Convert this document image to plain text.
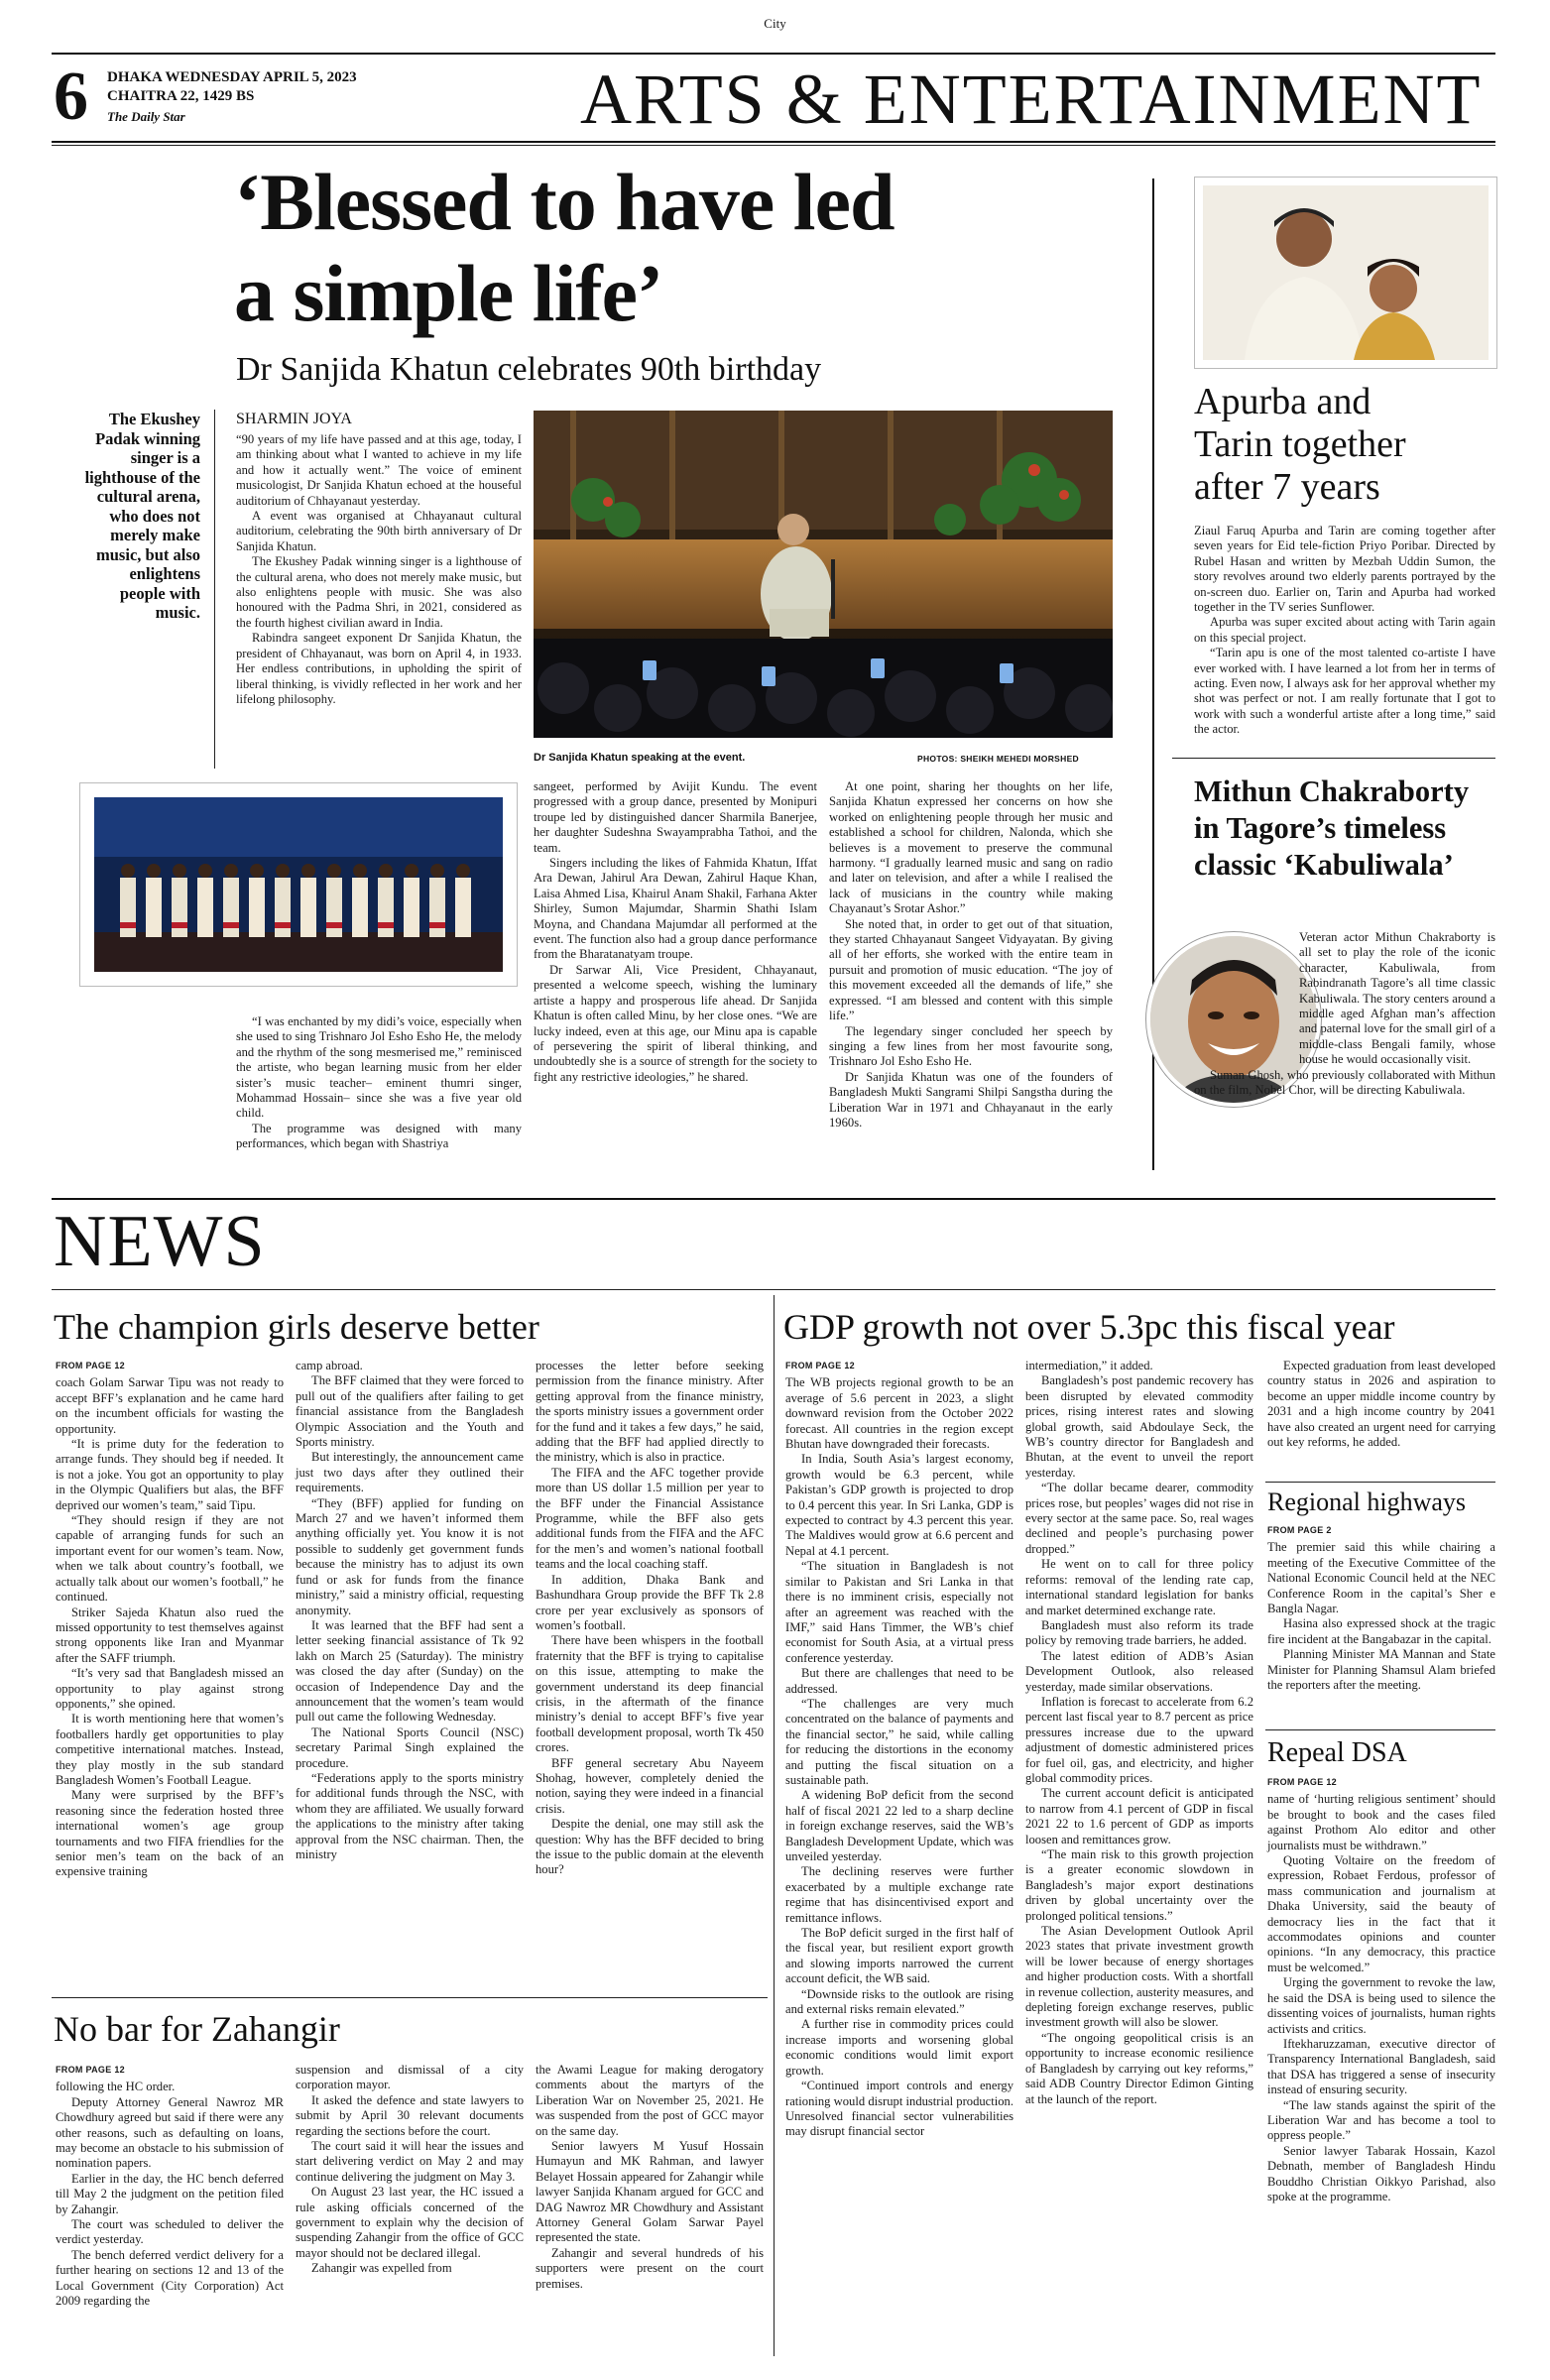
City
6 DHAKA WEDNESDAY APRIL 5, 2023
CHAITRA 22, 1429 BS
The Daily Star	ARTS & ENTERTAINMENT
‘Blessed to have led
a simple life’
Dr Sanjida Khatun celebrates 90th birthday
The Ekushey Padak winning singer is a lighthouse of the cultural arena, who does not merely make music, but also enlightens people with music.
SHARMIN JOYA

“90 years of my life have passed and at this age, today, I am thinking about what I wanted to achieve in my life and how it actually went.” The voice of eminent musicologist, Dr Sanjida Khatun echoed at the houseful auditorium of Chhayanaut yesterday.

A event was organised at Chhayanaut cultural auditorium, celebrating the 90th birth anniversary of Dr Sanjida Khatun.

The Ekushey Padak winning singer is a lighthouse of the cultural arena, who does not merely make music, but also enlightens people with music. She was also honoured with the Padma Shri, in 2021, considered as the fourth highest civilian award in India.

Rabindra sangeet exponent Dr Sanjida Khatun, the president of Chhayanaut, was born on April 4, in 1933. Her endless contributions, in upholding the spirit of liberal thinking, is vividly reflected in her work and her lifelong philosophy.

Dr Sanjida Khatun speaking at the event.	PHOTOS: SHEIKH MEHEDI MORSHED

“I was enchanted by my didi’s voice, especially when she used to sing Trishnaro Jol Esho Esho He, the melody and the rhythm of the song mesmerised me,” reminisced the artiste, who began learning music from her elder sister’s music teacher– eminent thumri singer, Mohammad Hossain– since she was a five year old child.

The programme was designed with many performances, which began with Shastriya

sangeet, performed by Avijit Kundu. The event progressed with a group dance, presented by Monipuri troupe led by distinguished dancer Sharmila Banerjee, her daughter Sudeshna Swayamprabha Tathoi, and the team.

Singers including the likes of Fahmida Khatun, Iffat Ara Dewan, Jahirul Ara Dewan, Zahirul Haque Khan, Laisa Ahmed Lisa, Khairul Anam Shakil, Farhana Akter Shirley, Sumon Majumdar, Sharmin Shathi Islam Moyna, and Chandana Majumdar all performed at the event. The function also had a group dance performance from the Bharatanatyam troupe.

Dr Sarwar Ali, Vice President, Chhayanaut, presented a welcome speech, wishing the luminary artiste a happy and prosperous life ahead. Dr Sanjida Khatun is often called Minu, by her close ones. “We are lucky indeed, even at this age, our Minu apa is capable of persevering the spirit of liberal thinking, and undoubtedly she is a source of strength for the society to fight any restrictive ideologies,” he shared.

At one point, sharing her thoughts on her life, Sanjida Khatun expressed her concerns on how she worked on enlightening people through her music and established a school for children, Nalonda, which she believes is a movement to preserve the communal harmony. “I gradually learned music and sang on radio and later on television, and after a while I realised the lack of musicians in the country while making Chayanaut’s Srotar Ashor.”

She noted that, in order to get out of that situation, they started Chhayanaut Sangeet Vidyayatan. By giving all of her efforts, she worked with the entire team in pursuit and promotion of music education. “The joy of this movement exceeded all the demands of life,” she expressed. “I am blessed and content with this simple life.”

The legendary singer concluded her speech by singing a few lines from her most favourite song, Trishnaro Jol Esho Esho He.

Dr Sanjida Khatun was one of the founders of Bangladesh Mukti Sangrami Shilpi Sangstha during the Liberation War in 1971 and Chhayanaut in the early 1960s.

Apurba and Tarin together after 7 years

Ziaul Faruq Apurba and Tarin are coming together after seven years for Eid tele-fiction Priyo Poribar. Directed by Rubel Hasan and written by Mezbah Uddin Sumon, the story revolves around two elderly parents portrayed by the on-screen duo. Earlier on, Tarin and Apurba had worked together in the TV series Sunflower.

Apurba was super excited about acting with Tarin again on this special project.

“Tarin apu is one of the most talented co-artiste I have ever worked with. I have learned a lot from her in terms of acting. Even now, I always ask for her approval whether my shot was perfect or not. I am really fortunate that I got to work with such a wonderful artiste after a long time,” said the actor.

Mithun Chakraborty in Tagore’s timeless classic ‘Kabuliwala’

Veteran actor Mithun Chakraborty is all set to play the role of the iconic character, Kabuliwala, from Rabindranath Tagore’s all time classic Kabuliwala. The story centers around a middle aged Afghan man’s affection and paternal love for the small girl of a middle-class Bengali family, whose house he would occasionally visit.

Suman Ghosh, who previously collaborated with Mithun on the film, Nobel Chor, will be directing Kabuliwala.

NEWS
The champion girls deserve better
FROM PAGE 12

coach Golam Sarwar Tipu was not ready to accept BFF’s explanation and he came hard on the incumbent officials for wasting the opportunity.

“It is prime duty for the federation to arrange funds. They should beg if needed. It is not a joke. You got an opportunity to play in the Olympic Qualifiers but alas, the BFF deprived our women’s team,” said Tipu.

“They should resign if they are not capable of arranging funds for such an important event for our women’s team. Now, when we talk about country’s football, we actually talk about our women’s football,” he continued.

Striker Sajeda Khatun also rued the missed opportunity to test themselves against strong opponents like Iran and Myanmar after the SAFF triumph.

“It’s very sad that Bangladesh missed an opportunity to play against strong opponents,” she opined.

It is worth mentioning here that women’s footballers hardly get opportunities to play competitive international matches. Instead, they play mostly in the sub standard Bangladesh Women’s Football League.

Many were surprised by the BFF’s reasoning since the federation hosted three international women’s age group tournaments and two FIFA friendlies for the senior men’s team on the back of an expensive training

camp abroad.

The BFF claimed that they were forced to pull out of the qualifiers after failing to get financial assistance from the Bangladesh Olympic Association and the Youth and Sports ministry.

But interestingly, the announcement came just two days after they outlined their requirements.

“They (BFF) applied for funding on March 27 and we haven’t informed them anything officially yet. You know it is not possible to suddenly get government funds because the ministry has to adjust its own fund or ask for funds from the finance ministry,” said a ministry official, requesting anonymity.

It was learned that the BFF had sent a letter seeking financial assistance of Tk 92 lakh on March 25 (Saturday). The ministry was closed the day after (Sunday) on the occasion of Independence Day and the announcement that the women’s team would pull out came the following Wednesday.

The National Sports Council (NSC) secretary Parimal Singh explained the procedure.

“Federations apply to the sports ministry for additional funds through the NSC, with whom they are affiliated. We usually forward the applications to the ministry after taking approval from the NSC chairman. Then, the ministry

processes the letter before seeking permission from the finance ministry. After getting approval from the finance ministry, the sports ministry issues a government order for the fund and it takes a few days,” he said, adding that the BFF had applied directly to the ministry, which is also in practice.

The FIFA and the AFC together provide more than US dollar 1.5 million per year to the BFF under the Financial Assistance Programme, while the BFF also gets additional funds from the FIFA and the AFC for the men’s and women’s national football teams and the local coaching staff.

In addition, Dhaka Bank and Bashundhara Group provide the BFF Tk 2.8 crore per year exclusively as sponsors of women’s football.

There have been whispers in the football fraternity that the BFF is trying to capitalise on this issue, attempting to make the government understand its deep financial crisis, in the aftermath of the finance ministry’s denial to accept BFF’s five year football development proposal, worth Tk 450 crores.

BFF general secretary Abu Nayeem Shohag, however, completely denied the notion, saying they were indeed in a financial crisis.

Despite the denial, one may still ask the question: Why has the BFF decided to bring the issue to the public domain at the eleventh hour?

No bar for Zahangir
FROM PAGE 12

following the HC order.

Deputy Attorney General Nawroz MR Chowdhury agreed but said if there were any other reasons, such as defaulting on loans, may become an obstacle to his submission of nomination papers.

Earlier in the day, the HC bench deferred till May 2 the judgment on the petition filed by Zahangir.

The court was scheduled to deliver the verdict yesterday.

The bench deferred verdict delivery for a further hearing on sections 12 and 13 of the Local Government (City Corporation) Act 2009 regarding the

suspension and dismissal of a city corporation mayor.

It asked the defence and state lawyers to submit by April 30 relevant documents regarding the sections before the court.

The court said it will hear the issues and start delivering verdict on May 2 and may continue delivering the judgment on May 3.

On August 23 last year, the HC issued a rule asking officials concerned of the government to explain why the decision of suspending Zahangir from the office of GCC mayor should not be declared illegal.

Zahangir was expelled from

the Awami League for making derogatory comments about the martyrs of the Liberation War on November 25, 2021. He was suspended from the post of GCC mayor on the same day.

Senior lawyers M Yusuf Hossain Humayun and MK Rahman, and lawyer Belayet Hossain appeared for Zahangir while lawyer Sanjida Khanam argued for GCC and DAG Nawroz MR Chowdhury and Assistant Attorney General Golam Sarwar Payel represented the state.

Zahangir and several hundreds of his supporters were present on the court premises.

GDP growth not over 5.3pc this fiscal year
FROM PAGE 12

The WB projects regional growth to be an average of 5.6 percent in 2023, a slight downward revision from the October 2022 forecast. All countries in the region except Bhutan have downgraded their forecasts.

In India, South Asia’s largest economy, growth would be 6.3 percent, while Pakistan’s GDP growth is projected to drop to 0.4 percent this year. In Sri Lanka, GDP is expected to contract by 4.3 percent this year. The Maldives would grow at 6.6 percent and Nepal at 4.1 percent.

“The situation in Bangladesh is not similar to Pakistan and Sri Lanka in that there is no imminent crisis, especially not after an agreement was reached with the IMF,” said Hans Timmer, the WB’s chief economist for South Asia, at a virtual press conference yesterday.

But there are challenges that need to be addressed.

“The challenges are very much concentrated on the balance of payments and the financial sector,” he said, while calling for reducing the distortions in the economy and putting the fiscal situation on a sustainable path.

A widening BoP deficit from the second half of fiscal 2021 22 led to a sharp decline in foreign exchange reserves, said the WB’s Bangladesh Development Update, which was unveiled yesterday.

The declining reserves were further exacerbated by a multiple exchange rate regime that has disincentivised export and remittance inflows.

The BoP deficit surged in the first half of the fiscal year, but resilient export growth and slowing imports narrowed the current account deficit, the WB said.

“Downside risks to the outlook are rising and external risks remain elevated.”

A further rise in commodity prices could increase imports and worsening global economic conditions would limit export growth.

“Continued import controls and energy rationing would disrupt industrial production. Unresolved financial sector vulnerabilities may disrupt financial sector

intermediation,” it added.

Bangladesh’s post pandemic recovery has been disrupted by elevated commodity prices, rising interest rates and slowing global growth, said Abdoulaye Seck, the WB’s country director for Bangladesh and Bhutan, at the event to unveil the report yesterday.

“The dollar became dearer, commodity prices rose, but peoples’ wages did not rise in every sector at the same pace. So, real wages declined and people’s purchasing power dropped.”

He went on to call for three policy reforms: removal of the lending rate cap, international standard legislation for banks and market determined exchange rate.

Bangladesh must also reform its trade policy by removing trade barriers, he added.

The latest edition of ADB’s Asian Development Outlook, also released yesterday, made similar observations.

Inflation is forecast to accelerate from 6.2 percent last fiscal year to 8.7 percent as price pressures increase due to the upward adjustment of domestic administered prices for fuel oil, gas, and electricity, and higher global commodity prices.

The current account deficit is anticipated to narrow from 4.1 percent of GDP in fiscal 2021 22 to 1.6 percent of GDP as imports loosen and remittances grow.

“The main risk to this growth projection is a greater economic slowdown in Bangladesh’s major export destinations driven by global uncertainty over the prolonged political tensions.”

The Asian Development Outlook April 2023 states that private investment growth will be lower because of energy shortages and higher production costs. With a shortfall in revenue collection, austerity measures, and depleting foreign exchange reserves, public investment growth will also be slower.

“The ongoing geopolitical crisis is an opportunity to increase economic resilience of Bangladesh by carrying out key reforms,” said ADB Country Director Edimon Ginting at the launch of the report.

Expected graduation from least developed country status in 2026 and aspiration to become an upper middle income country by 2031 and a high income country by 2041 have also created an urgent need for carrying out key reforms, he added.

Regional highways
FROM PAGE 2

The premier said this while chairing a meeting of the Executive Committee of the National Economic Council held at the NEC Conference Room in the capital’s Sher e Bangla Nagar.

Hasina also expressed shock at the tragic fire incident at the Bangabazar in the capital.

Planning Minister MA Mannan and State Minister for Planning Shamsul Alam briefed the reporters after the meeting.

Repeal DSA
FROM PAGE 12

name of ‘hurting religious sentiment’ should be brought to book and the cases filed against Prothom Alo editor and other journalists must be withdrawn.”

Quoting Voltaire on the freedom of expression, Robaet Ferdous, professor of mass communication and journalism at Dhaka University, said the beauty of democracy lies in the fact that it accommodates opinions and counter opinions. “In any democracy, this practice must be welcomed.”

Urging the government to revoke the law, he said the DSA is being used to silence the dissenting voices of journalists, human rights activists and critics.

Iftekharuzzaman, executive director of Transparency International Bangladesh, said that DSA has triggered a sense of insecurity instead of ensuring security.

“The law stands against the spirit of the Liberation War and has become a tool to oppress people.”

Senior lawyer Tabarak Hossain, Kazol Debnath, member of Bangladesh Hindu Bouddho Christian Oikkyo Parishad, also spoke at the programme.
